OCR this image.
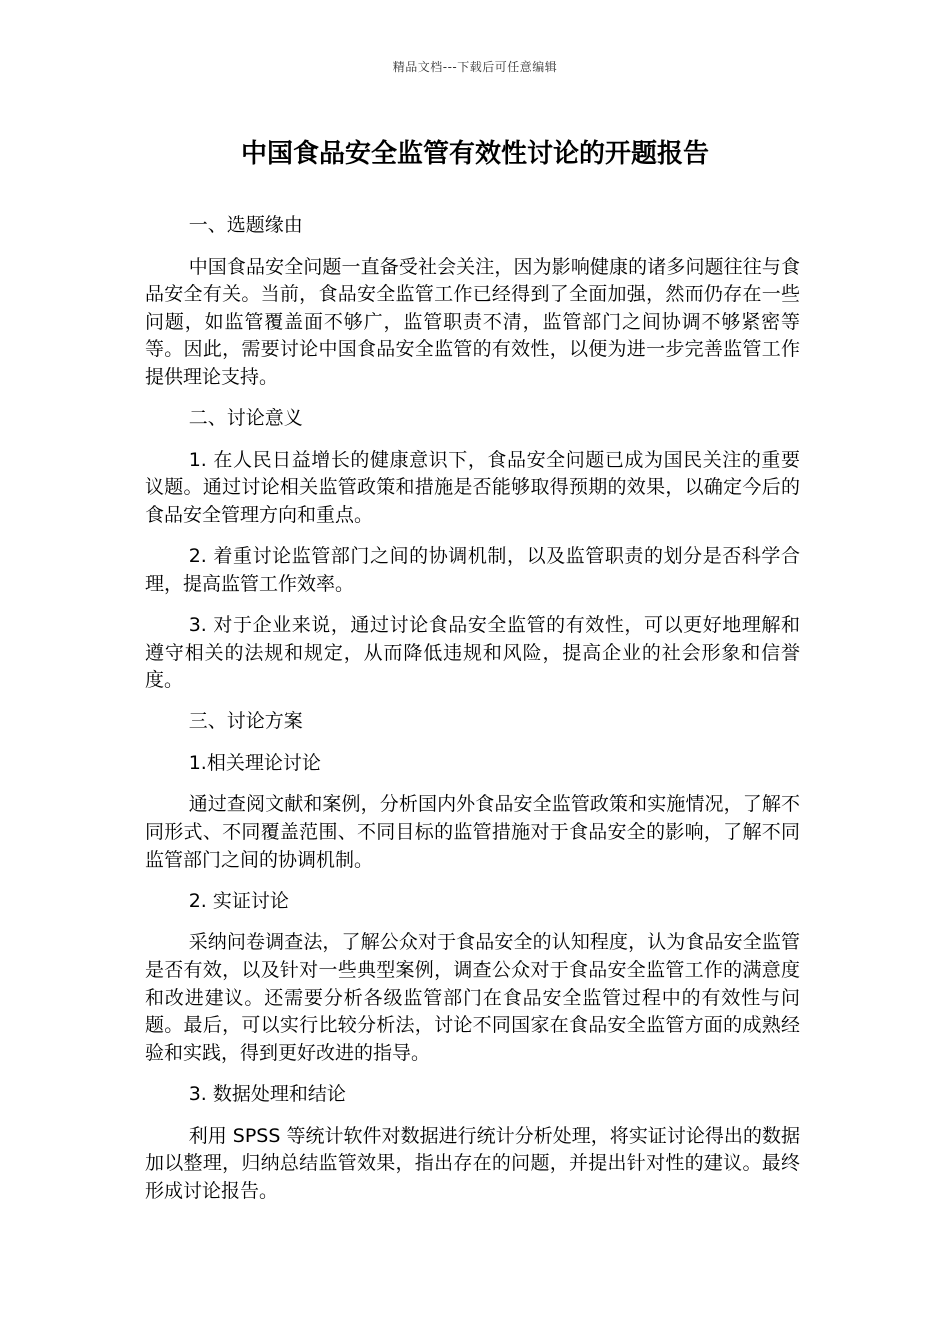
精品文档---下载后可任意编辑
中国食品安全监管有效性讨论的开题报告

一、选题缘由

中国食品安全问题一直备受社会关注，因为影响健康的诸多问题往往与食品安全有关。当前，食品安全监管工作已经得到了全面加强，然而仍存在一些问题，如监管覆盖面不够广，监管职责不清，监管部门之间协调不够紧密等等。因此，需要讨论中国食品安全监管的有效性，以便为进一步完善监管工作提供理论支持。

二、讨论意义

1. 在人民日益增长的健康意识下，食品安全问题已成为国民关注的重要议题。通过讨论相关监管政策和措施是否能够取得预期的效果，以确定今后的食品安全管理方向和重点。

2. 着重讨论监管部门之间的协调机制，以及监管职责的划分是否科学合理，提高监管工作效率。

3. 对于企业来说，通过讨论食品安全监管的有效性，可以更好地理解和遵守相关的法规和规定，从而降低违规和风险，提高企业的社会形象和信誉度。

三、讨论方案

1.相关理论讨论

通过查阅文献和案例，分析国内外食品安全监管政策和实施情况，了解不同形式、不同覆盖范围、不同目标的监管措施对于食品安全的影响，了解不同监管部门之间的协调机制。

2. 实证讨论

采纳问卷调查法，了解公众对于食品安全的认知程度，认为食品安全监管是否有效，以及针对一些典型案例，调查公众对于食品安全监管工作的满意度和改进建议。还需要分析各级监管部门在食品安全监管过程中的有效性与问题。最后，可以实行比较分析法，讨论不同国家在食品安全监管方面的成熟经验和实践，得到更好改进的指导。

3. 数据处理和结论

利用 SPSS 等统计软件对数据进行统计分析处理，将实证讨论得出的数据加以整理，归纳总结监管效果，指出存在的问题，并提出针对性的建议。最终形成讨论报告。
